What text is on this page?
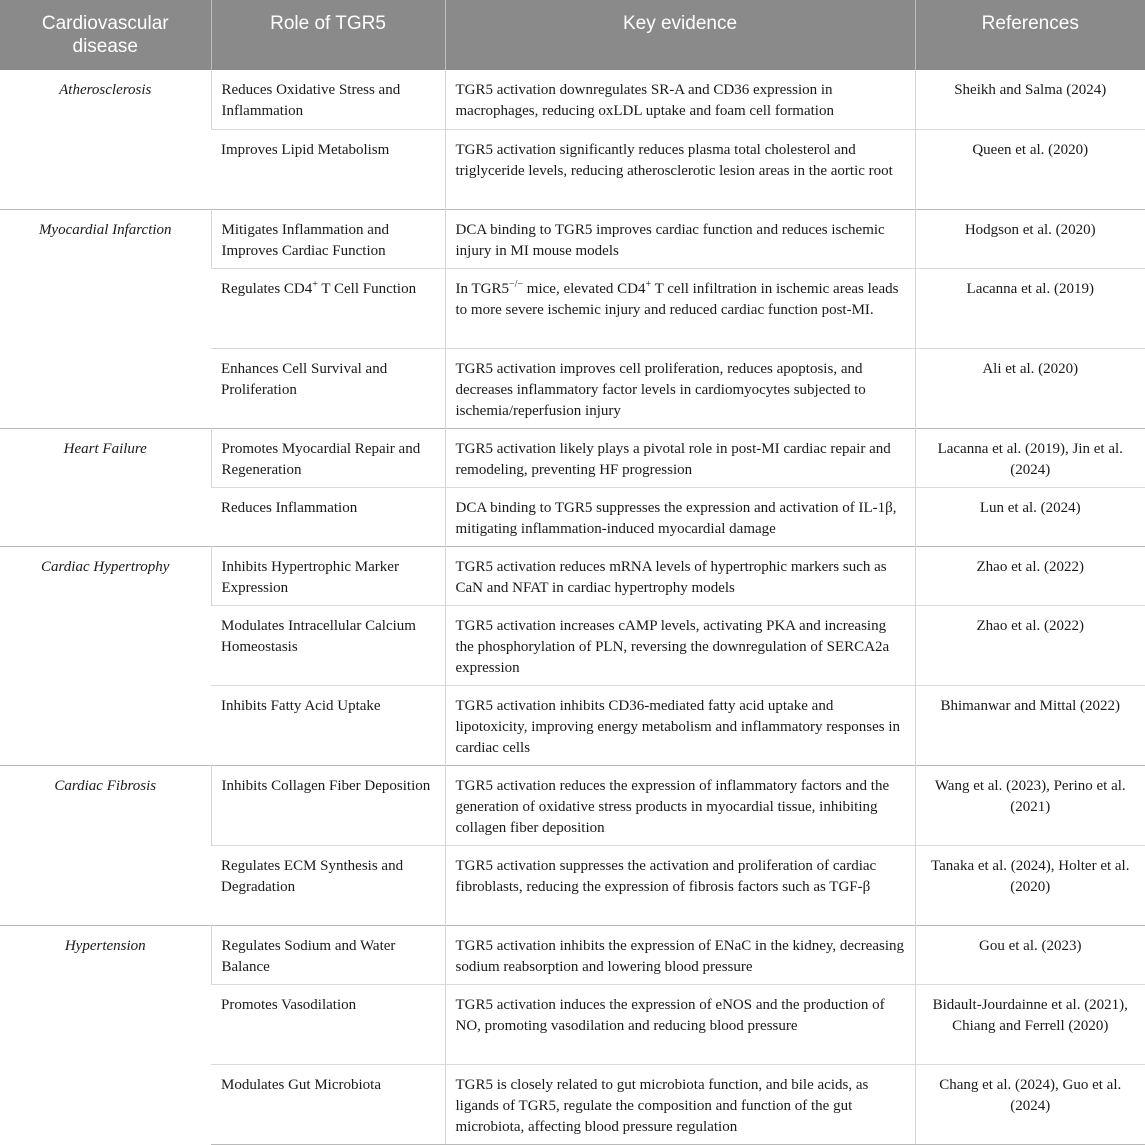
Cardiovascular disease	Role of TGR5	Key evidence	References
Atherosclerosis	Reduces Oxidative Stress and Inflammation	TGR5 activation downregulates SR-A and CD36 expression in macrophages, reducing oxLDL uptake and foam cell formation	Sheikh and Salma (2024)
	Improves Lipid Metabolism	TGR5 activation significantly reduces plasma total cholesterol and triglyceride levels, reducing atherosclerotic lesion areas in the aortic root	Queen et al. (2020)
Myocardial Infarction	Mitigates Inflammation and Improves Cardiac Function	DCA binding to TGR5 improves cardiac function and reduces ischemic injury in MI mouse models	Hodgson et al. (2020)
	Regulates CD4+ T Cell Function	In TGR5−/− mice, elevated CD4+ T cell infiltration in ischemic areas leads to more severe ischemic injury and reduced cardiac function post-MI.	Lacanna et al. (2019)
	Enhances Cell Survival and Proliferation	TGR5 activation improves cell proliferation, reduces apoptosis, and decreases inflammatory factor levels in cardiomyocytes subjected to ischemia/reperfusion injury	Ali et al. (2020)
Heart Failure	Promotes Myocardial Repair and Regeneration	TGR5 activation likely plays a pivotal role in post-MI cardiac repair and remodeling, preventing HF progression	Lacanna et al. (2019), Jin et al. (2024)
	Reduces Inflammation	DCA binding to TGR5 suppresses the expression and activation of IL-1β, mitigating inflammation-induced myocardial damage	Lun et al. (2024)
Cardiac Hypertrophy	Inhibits Hypertrophic Marker Expression	TGR5 activation reduces mRNA levels of hypertrophic markers such as CaN and NFAT in cardiac hypertrophy models	Zhao et al. (2022)
	Modulates Intracellular Calcium Homeostasis	TGR5 activation increases cAMP levels, activating PKA and increasing the phosphorylation of PLN, reversing the downregulation of SERCA2a expression	Zhao et al. (2022)
	Inhibits Fatty Acid Uptake	TGR5 activation inhibits CD36-mediated fatty acid uptake and lipotoxicity, improving energy metabolism and inflammatory responses in cardiac cells	Bhimanwar and Mittal (2022)
Cardiac Fibrosis	Inhibits Collagen Fiber Deposition	TGR5 activation reduces the expression of inflammatory factors and the generation of oxidative stress products in myocardial tissue, inhibiting collagen fiber deposition	Wang et al. (2023), Perino et al. (2021)
	Regulates ECM Synthesis and Degradation	TGR5 activation suppresses the activation and proliferation of cardiac fibroblasts, reducing the expression of fibrosis factors such as TGF-β	Tanaka et al. (2024), Holter et al. (2020)
Hypertension	Regulates Sodium and Water Balance	TGR5 activation inhibits the expression of ENaC in the kidney, decreasing sodium reabsorption and lowering blood pressure	Gou et al. (2023)
	Promotes Vasodilation	TGR5 activation induces the expression of eNOS and the production of NO, promoting vasodilation and reducing blood pressure	Bidault-Jourdainne et al. (2021), Chiang and Ferrell (2020)
	Modulates Gut Microbiota	TGR5 is closely related to gut microbiota function, and bile acids, as ligands of TGR5, regulate the composition and function of the gut microbiota, affecting blood pressure regulation	Chang et al. (2024), Guo et al. (2024)
